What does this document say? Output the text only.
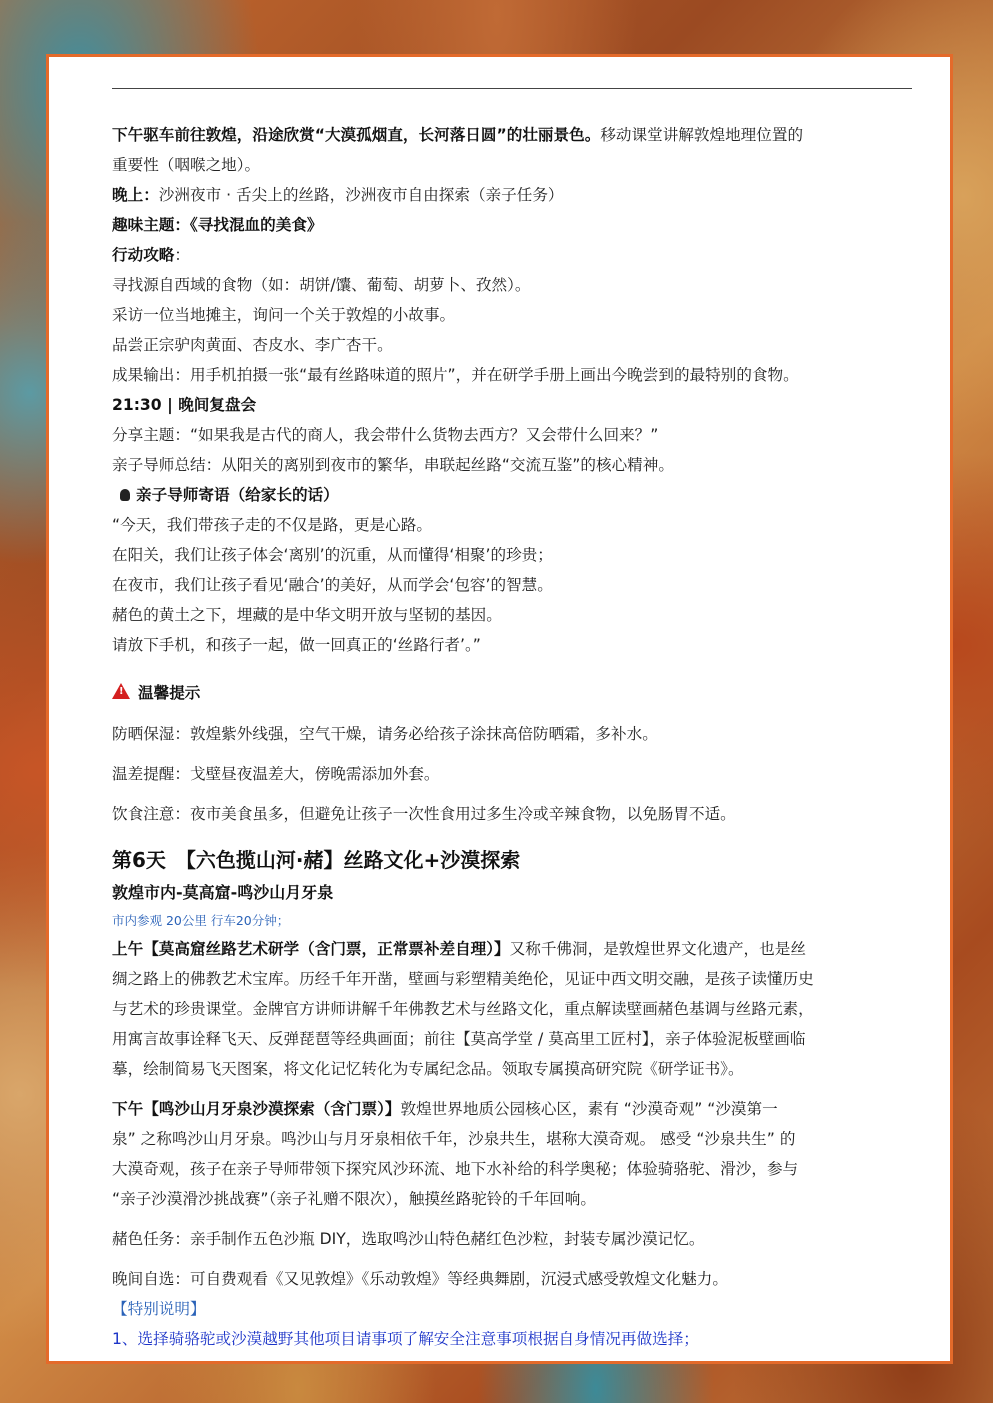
下午驱车前往敦煌，沿途欣赏“大漠孤烟直，长河落日圆”的壮丽景色。移动课堂讲解敦煌地理位置的
重要性（咽喉之地）。
晚上：沙洲夜市 · 舌尖上的丝路，沙洲夜市自由探索（亲子任务）
趣味主题：《寻找混血的美食》
行动攻略：
寻找源自西域的食物（如：胡饼/馕、葡萄、胡萝卜、孜然）。
采访一位当地摊主，询问一个关于敦煌的小故事。
品尝正宗驴肉黄面、杏皮水、李广杏干。
成果输出：用手机拍摄一张“最有丝路味道的照片”，并在研学手册上画出今晚尝到的最特别的食物。
21:30 | 晚间复盘会
分享主题：“如果我是古代的商人，我会带什么货物去西方？又会带什么回来？”
亲子导师总结：从阳关的离别到夜市的繁华，串联起丝路“交流互鉴”的核心精神。
亲子导师寄语（给家长的话）
“今天，我们带孩子走的不仅是路，更是心路。
在阳关，我们让孩子体会‘离别’的沉重，从而懂得‘相聚’的珍贵；
在夜市，我们让孩子看见‘融合’的美好，从而学会‘包容’的智慧。
赭色的黄土之下，埋藏的是中华文明开放与坚韧的基因。
请放下手机，和孩子一起，做一回真正的‘丝路行者’。”
!温馨提示
防晒保湿：敦煌紫外线强，空气干燥，请务必给孩子涂抹高倍防晒霜，多补水。
温差提醒：戈壁昼夜温差大，傍晚需添加外套。
饮食注意：夜市美食虽多，但避免让孩子一次性食用过多生冷或辛辣食物，以免肠胃不适。
第6天　【六色揽山河·赭】丝路文化+沙漠探索
敦煌市内-莫高窟-鸣沙山月牙泉
市内参观 20公里 行车20分钟；
上午【莫高窟丝路艺术研学（含门票，正常票补差自理）】又称千佛洞，是敦煌世界文化遗产，也是丝
绸之路上的佛教艺术宝库。历经千年开凿，壁画与彩塑精美绝伦，见证中西文明交融，是孩子读懂历史
与艺术的珍贵课堂。金牌官方讲师讲解千年佛教艺术与丝路文化，重点解读壁画赭色基调与丝路元素，
用寓言故事诠释飞天、反弹琵琶等经典画面；前往【莫高学堂 / 莫高里工匠村】，亲子体验泥板壁画临
摹，绘制简易飞天图案，将文化记忆转化为专属纪念品。领取专属摸高研究院《研学证书》。
下午【鸣沙山月牙泉沙漠探索（含门票）】敦煌世界地质公园核心区，素有 “沙漠奇观” “沙漠第一
泉” 之称鸣沙山月牙泉。鸣沙山与月牙泉相依千年，沙泉共生，堪称大漠奇观。 感受 “沙泉共生” 的
大漠奇观，孩子在亲子导师带领下探究风沙环流、地下水补给的科学奥秘；体验骑骆驼、滑沙，参与
“亲子沙漠滑沙挑战赛”（亲子礼赠不限次），触摸丝路驼铃的千年回响。
赭色任务：亲手制作五色沙瓶 DIY，选取鸣沙山特色赭红色沙粒，封装专属沙漠记忆。
晚间自选：可自费观看《又见敦煌》《乐动敦煌》等经典舞剧，沉浸式感受敦煌文化魅力。
【特别说明】
1、选择骑骆驼或沙漠越野其他项目请事项了解安全注意事项根据自身情况再做选择；
